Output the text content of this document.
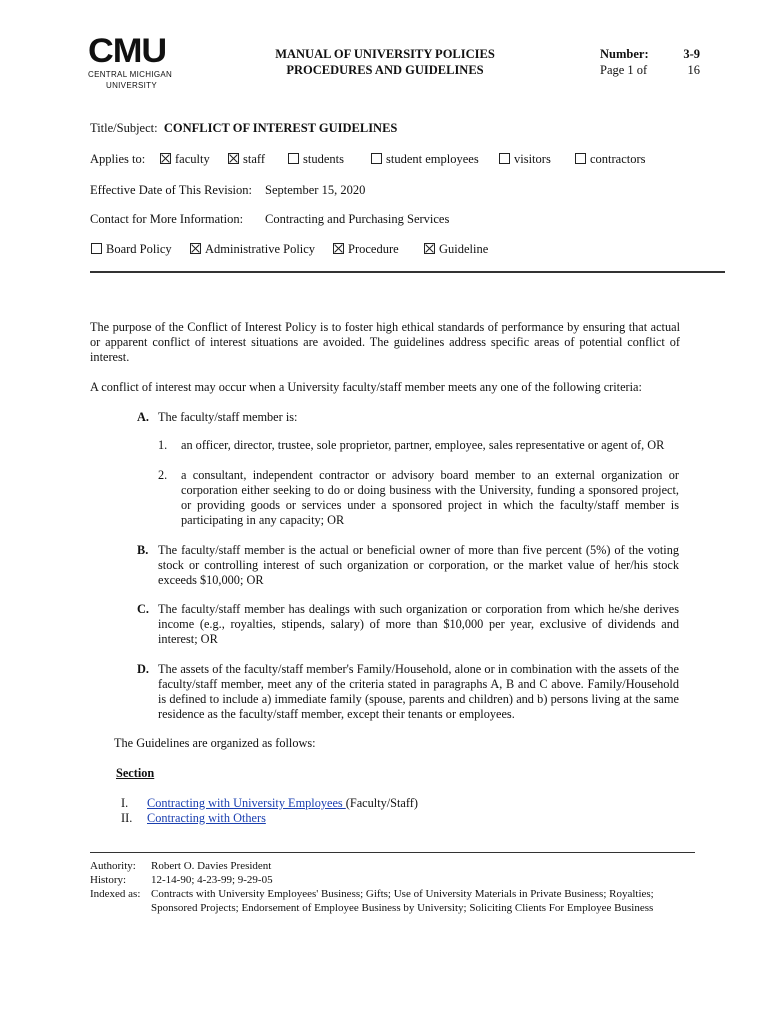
CMU
CENTRAL MICHIGAN
UNIVERSITY
MANUAL OF UNIVERSITY POLICIES
PROCEDURES AND GUIDELINES
Number:	3-9
Page 1 of	16
Title/Subject: CONFLICT OF INTEREST GUIDELINES
Applies to:	faculty	staff	students	student employees	visitors	contractors
Effective Date of This Revision: September 15, 2020
Contact for More Information: Contracting and Purchasing Services
Board Policy	Administrative Policy	Procedure	Guideline
The purpose of the Conflict of Interest Policy is to foster high ethical standards of performance by ensuring that actual or apparent conflict of interest situations are avoided. The guidelines address specific areas of potential conflict of interest.
A conflict of interest may occur when a University faculty/staff member meets any one of the following criteria:
A. The faculty/staff member is:
1. an officer, director, trustee, sole proprietor, partner, employee, sales representative or agent of, OR
2. a consultant, independent contractor or advisory board member to an external organization or corporation either seeking to do or doing business with the University, funding a sponsored project, or providing goods or services under a sponsored project in which the faculty/staff member is participating in any capacity; OR
B. The faculty/staff member is the actual or beneficial owner of more than five percent (5%) of the voting stock or controlling interest of such organization or corporation, or the market value of her/his stock exceeds $10,000; OR
C. The faculty/staff member has dealings with such organization or corporation from which he/she derives income (e.g., royalties, stipends, salary) of more than $10,000 per year, exclusive of dividends and interest; OR
D. The assets of the faculty/staff member's Family/Household, alone or in combination with the assets of the faculty/staff member, meet any of the criteria stated in paragraphs A, B and C above. Family/Household is defined to include a) immediate family (spouse, parents and children) and b) persons living at the same residence as the faculty/staff member, except their tenants or employees.
The Guidelines are organized as follows:
Section
I. Contracting with University Employees (Faculty/Staff)
II. Contracting with Others
Authority: Robert O. Davies President
History: 12-14-90; 4-23-99; 9-29-05
Indexed as: Contracts with University Employees' Business; Gifts; Use of University Materials in Private Business; Royalties;
Sponsored Projects; Endorsement of Employee Business by University; Soliciting Clients For Employee Business
